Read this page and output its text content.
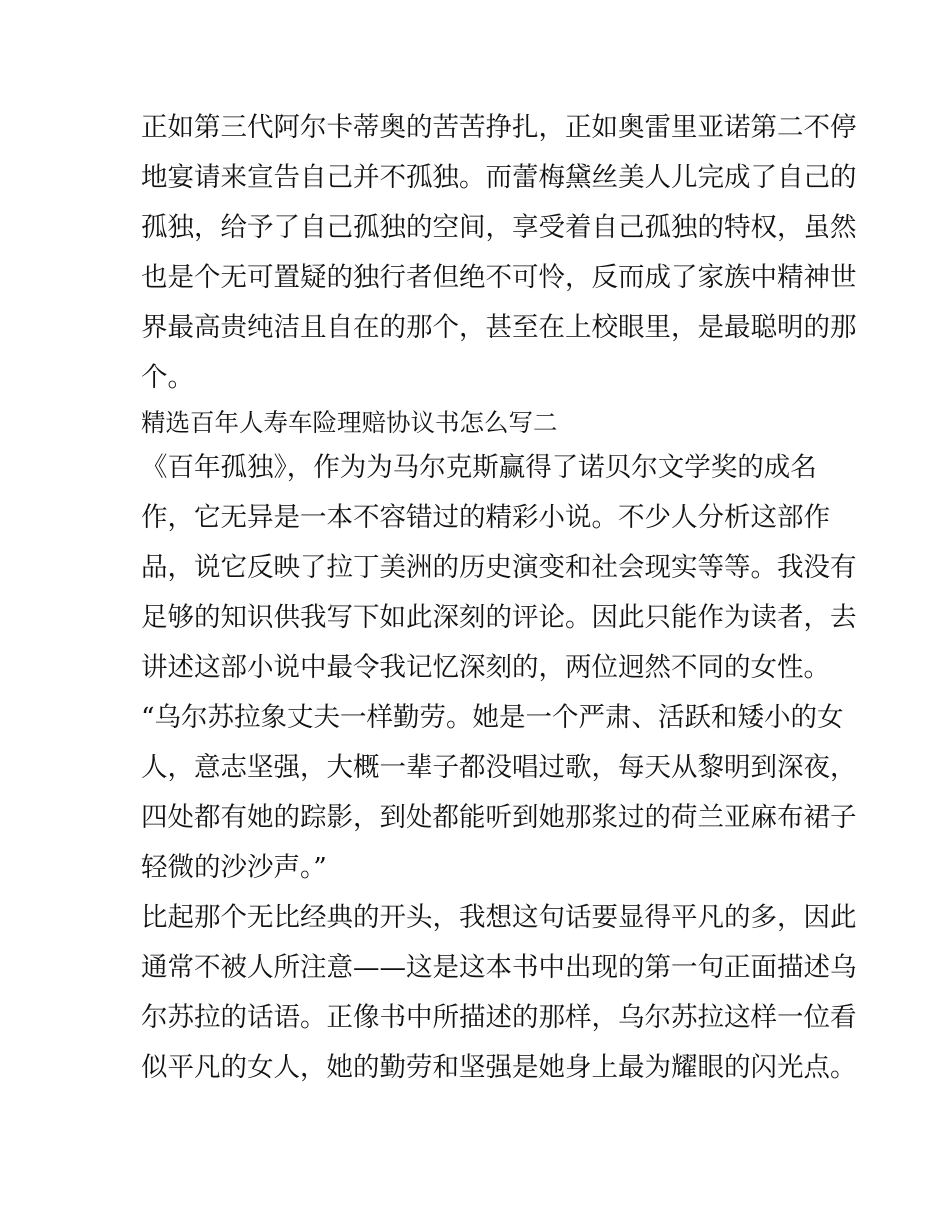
正如第三代阿尔卡蒂奥的苦苦挣扎，正如奥雷里亚诺第二不停
地宴请来宣告自己并不孤独。而蕾梅黛丝美人儿完成了自己的
孤独，给予了自己孤独的空间，享受着自己孤独的特权，虽然
也是个无可置疑的独行者但绝不可怜，反而成了家族中精神世
界最高贵纯洁且自在的那个，甚至在上校眼里，是最聪明的那
个。
精选百年人寿车险理赔协议书怎么写二
《百年孤独》，作为为马尔克斯赢得了诺贝尔文学奖的成名
作，它无异是一本不容错过的精彩小说。不少人分析这部作
品，说它反映了拉丁美洲的历史演变和社会现实等等。我没有
足够的知识供我写下如此深刻的评论。因此只能作为读者，去
讲述这部小说中最令我记忆深刻的，两位迥然不同的女性。
“乌尔苏拉象丈夫一样勤劳。她是一个严肃、活跃和矮小的女
人，意志坚强，大概一辈子都没唱过歌，每天从黎明到深夜，
四处都有她的踪影，到处都能听到她那浆过的荷兰亚麻布裙子
轻微的沙沙声。”
比起那个无比经典的开头，我想这句话要显得平凡的多，因此
通常不被人所注意——这是这本书中出现的第一句正面描述乌
尔苏拉的话语。正像书中所描述的那样，乌尔苏拉这样一位看
似平凡的女人，她的勤劳和坚强是她身上最为耀眼的闪光点。
